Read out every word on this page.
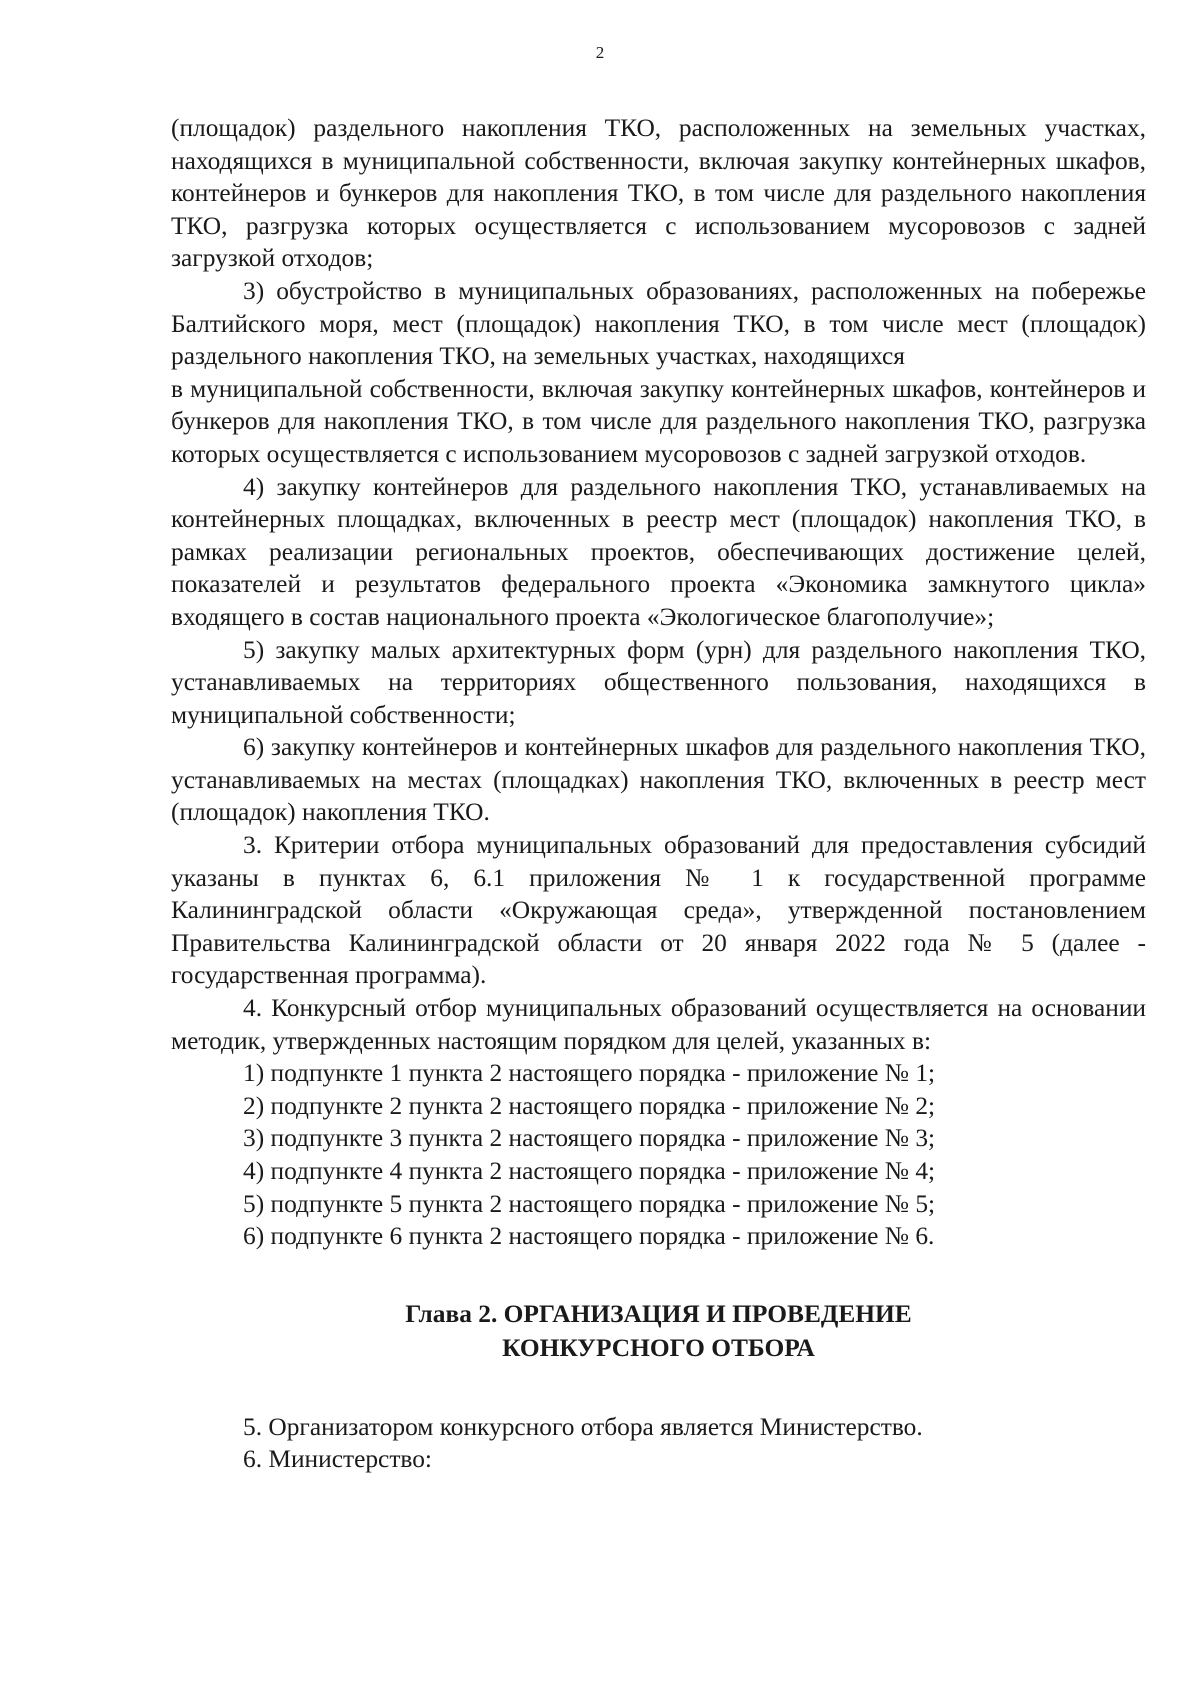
2

(площадок) раздельного накопления ТКО, расположенных на земельных участках, находящихся в муниципальной собственности, включая закупку контейнерных шкафов, контейнеров и бункеров для накопления ТКО, в том числе для раздельного накопления ТКО, разгрузка которых осуществляется с использованием мусоровозов с задней загрузкой отходов;

3) обустройство в муниципальных образованиях, расположенных на побережье Балтийского моря, мест (площадок) накопления ТКО, в том числе мест (площадок) раздельного накопления ТКО, на земельных участках, находящихся

в муниципальной собственности, включая закупку контейнерных шкафов, контейнеров и бункеров для накопления ТКО, в том числе для раздельного накопления ТКО, разгрузка которых осуществляется с использованием мусоровозов с задней загрузкой отходов.

4) закупку контейнеров для раздельного накопления ТКО, устанавливаемых на контейнерных площадках, включенных в реестр мест (площадок) накопления ТКО, в рамках реализации региональных проектов, обеспечивающих достижение целей, показателей и результатов федерального проекта «Экономика замкнутого цикла» входящего в состав национального проекта «Экологическое благополучие»;

5) закупку малых архитектурных форм (урн) для раздельного накопления ТКО, устанавливаемых на территориях общественного пользования, находящихся в муниципальной собственности;

6) закупку контейнеров и контейнерных шкафов для раздельного накопления ТКО, устанавливаемых на местах (площадках) накопления ТКО, включенных в реестр мест (площадок) накопления ТКО.

3. Критерии отбора муниципальных образований для предоставления субсидий указаны в пунктах 6, 6.1 приложения № 1 к государственной программе Калининградской области «Окружающая среда», утвержденной постановлением Правительства Калининградской области от 20 января 2022 года № 5 (далее - государственная программа).

4. Конкурсный отбор муниципальных образований осуществляется на основании методик, утвержденных настоящим порядком для целей, указанных в:

1) подпункте 1 пункта 2 настоящего порядка - приложение № 1;

2) подпункте 2 пункта 2 настоящего порядка - приложение № 2;

3) подпункте 3 пункта 2 настоящего порядка - приложение № 3;

4) подпункте 4 пункта 2 настоящего порядка - приложение № 4;

5) подпункте 5 пункта 2 настоящего порядка - приложение № 5;

6) подпункте 6 пункта 2 настоящего порядка - приложение № 6.

Глава 2. ОРГАНИЗАЦИЯ И ПРОВЕДЕНИЕ
КОНКУРСНОГО ОТБОРА

5. Организатором конкурсного отбора является Министерство.

6. Министерство:
